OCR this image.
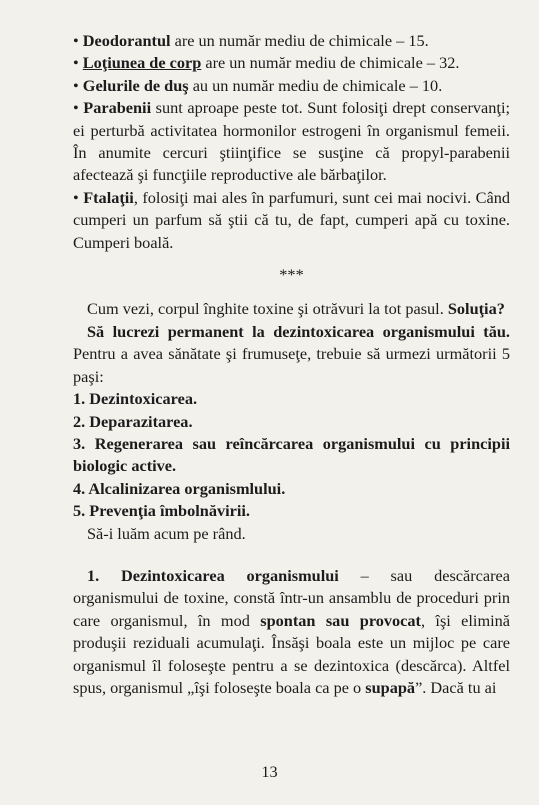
• Deodorantul are un număr mediu de chimicale – 15.

• Loţiunea de corp are un număr mediu de chimicale – 32.

• Gelurile de duş au un număr mediu de chimicale – 10.

• Parabenii sunt aproape peste tot. Sunt folosiţi drept conservanţi; ei perturbă activitatea hormonilor estrogeni în organismul femeii. În anumite cercuri ştiinţifice se susţine că propyl-parabenii afectează şi funcţiile reproductive ale bărbaţilor.

• Ftalaţii, folosiţi mai ales în parfumuri, sunt cei mai nocivi. Când cumperi un parfum să ştii că tu, de fapt, cumperi apă cu toxine. Cumperi boală.

***

Cum vezi, corpul înghite toxine şi otrăvuri la tot pasul. Soluţia?

Să lucrezi permanent la dezintoxicarea organismului tău. Pentru a avea sănătate şi frumuseţe, trebuie să urmezi următorii 5 paşi:

1. Dezintoxicarea.

2. Deparazitarea.

3. Regenerarea sau reîncărcarea organismului cu principii biologic active.

4. Alcalinizarea organismlului.

5. Prevenţia îmbolnăvirii.

Să-i luăm acum pe rând.

1. Dezintoxicarea organismului – sau descărcarea organismului de toxine, constă într-un ansamblu de proceduri prin care organismul, în mod spontan sau provocat, îşi elimină produşii reziduali acumulaţi. Însăşi boala este un mijloc pe care organismul îl foloseşte pentru a se dezintoxica (descărca). Altfel spus, organismul „îşi foloseşte boala ca pe o supapă”. Dacă tu ai

13
